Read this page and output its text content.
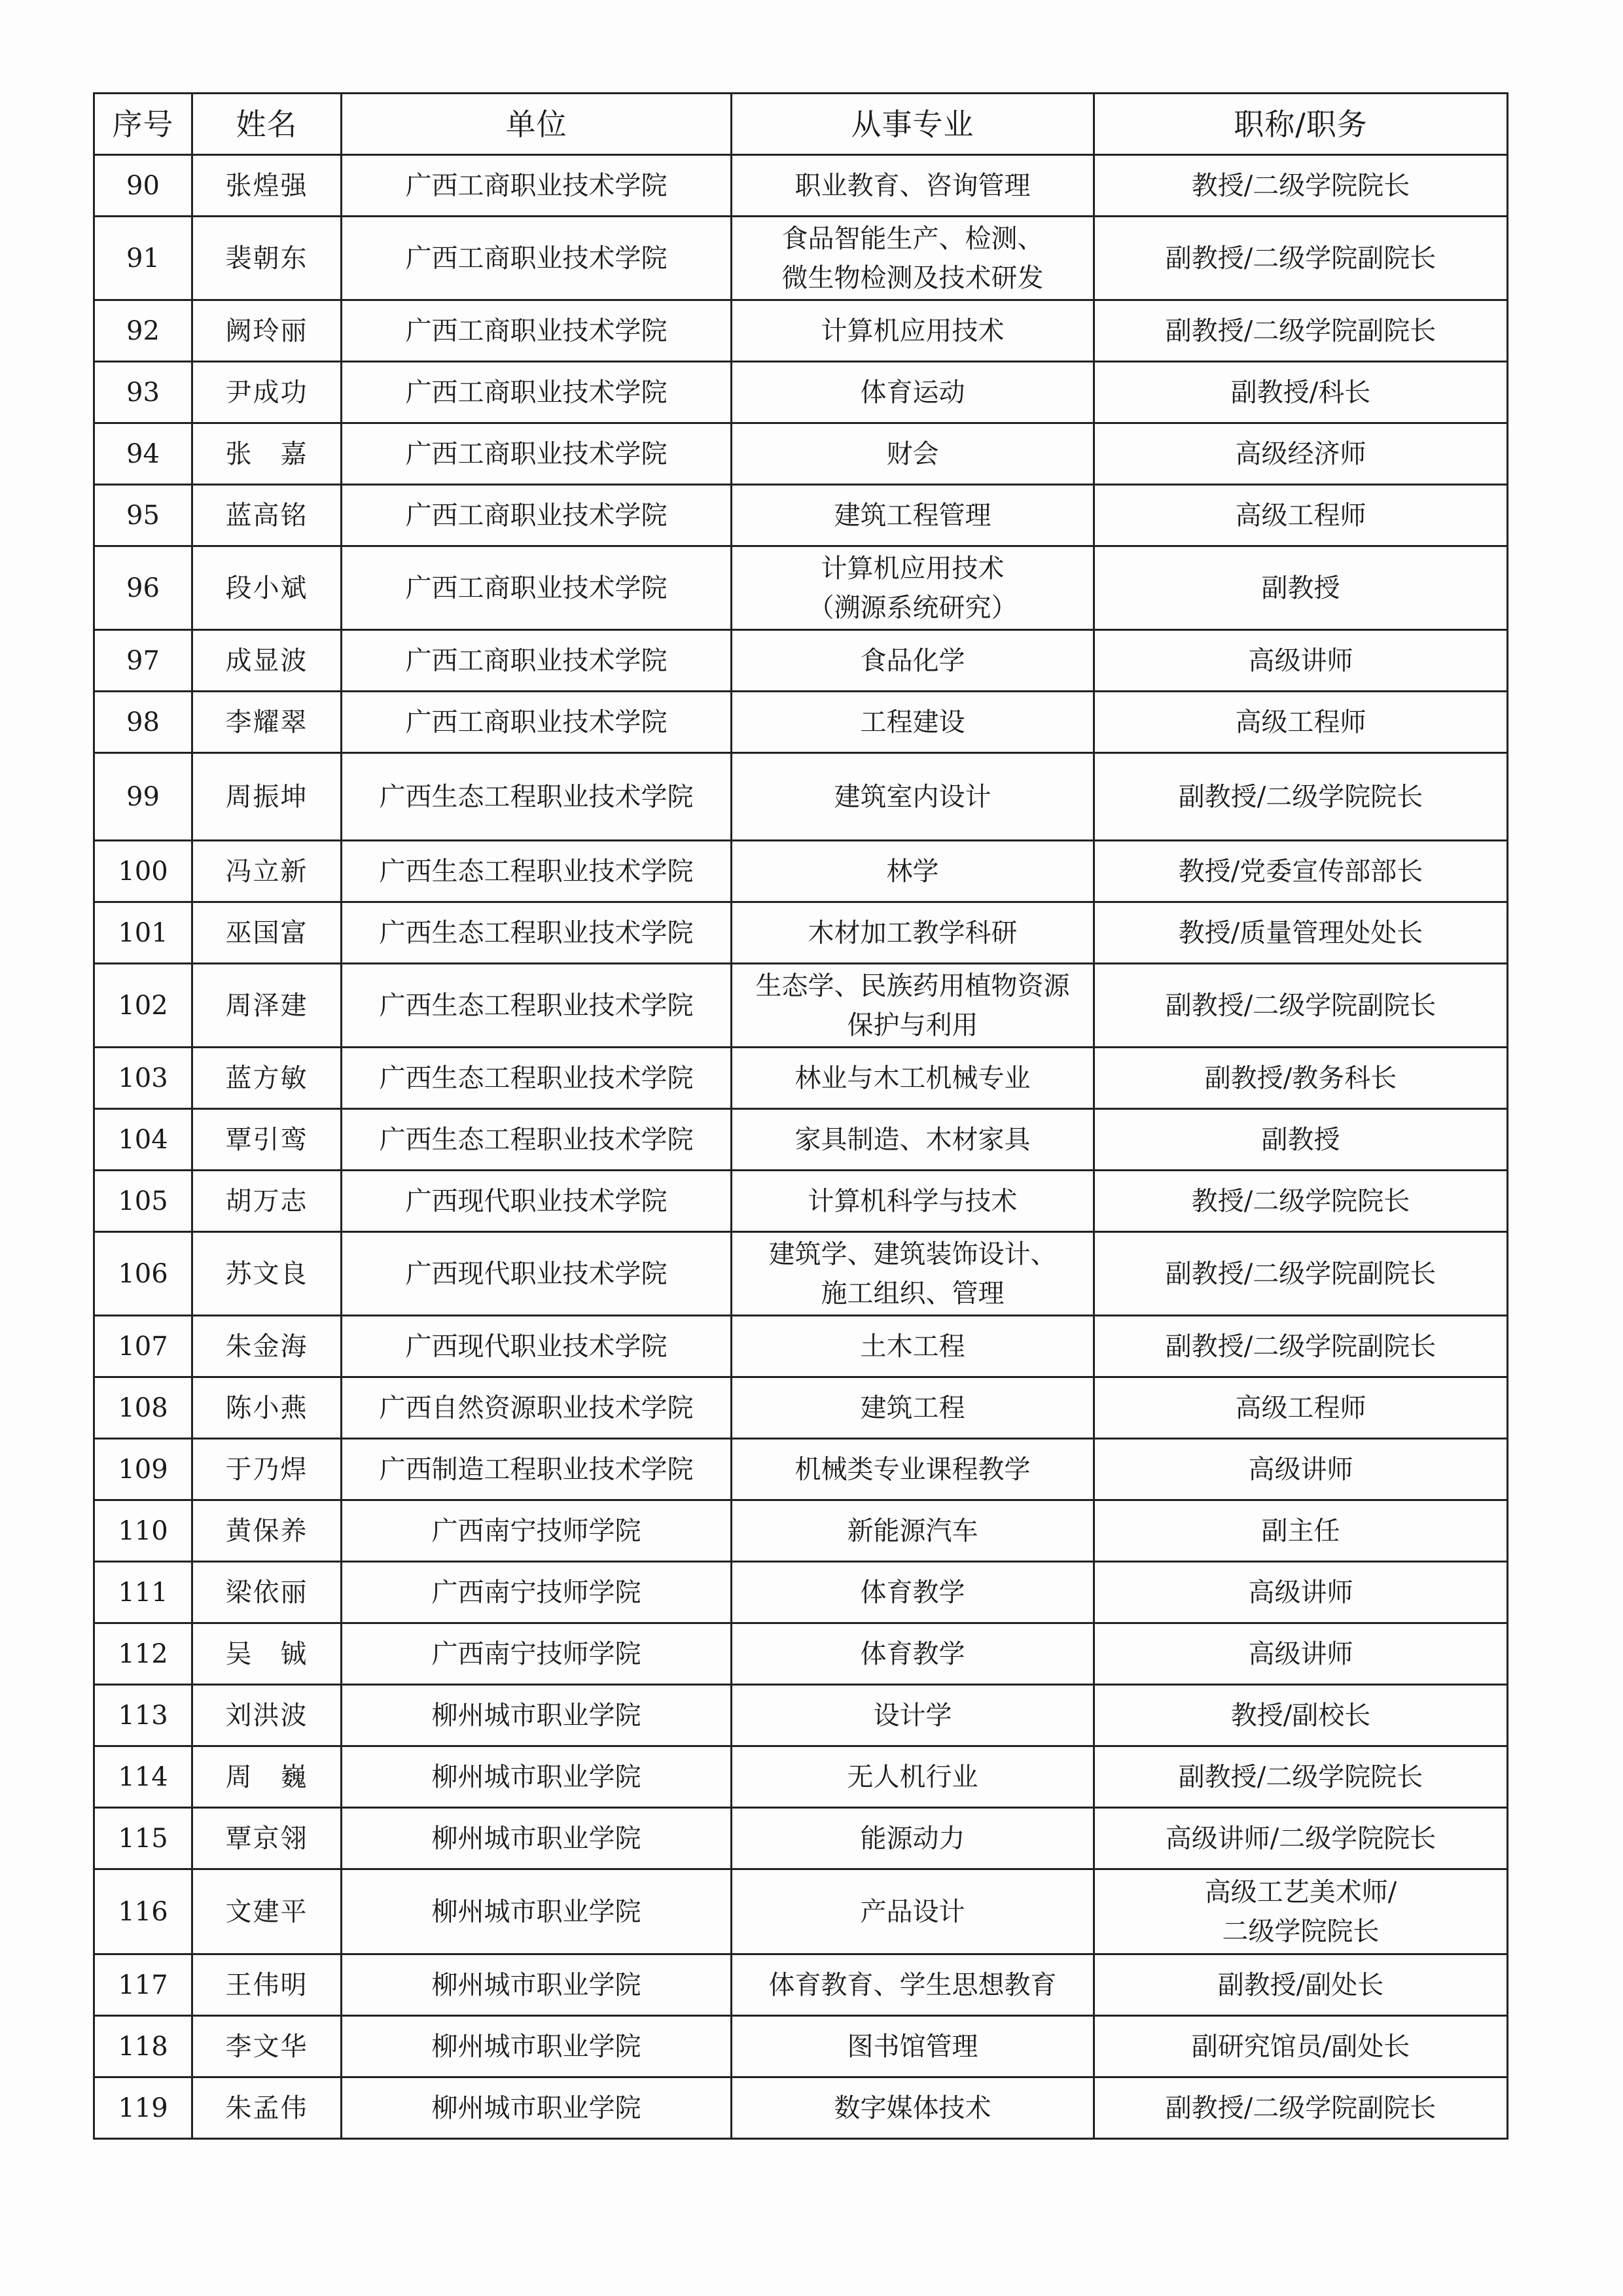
序号	姓名	单位	从事专业	职称/职务
90	张煌强	广西工商职业技术学院	职业教育、咨询管理	教授/二级学院院长

91	裴朝东	广西工商职业技术学院	食品智能生产、检测、
微生物检测及技术研发	副教授/二级学院副院长

92	阙玲丽	广西工商职业技术学院	计算机应用技术	副教授/二级学院副院长

93	尹成功	广西工商职业技术学院	体育运动	副教授/科长

94	张　嘉	广西工商职业技术学院	财会	高级经济师

95	蓝高铭	广西工商职业技术学院	建筑工程管理	高级工程师

96	段小斌	广西工商职业技术学院	计算机应用技术
（溯源系统研究）	副教授

97	成显波	广西工商职业技术学院	食品化学	高级讲师

98	李耀翠	广西工商职业技术学院	工程建设	高级工程师

99	周振坤	广西生态工程职业技术学院	建筑室内设计	副教授/二级学院院长

100	冯立新	广西生态工程职业技术学院	林学	教授/党委宣传部部长

101	巫国富	广西生态工程职业技术学院	木材加工教学科研	教授/质量管理处处长

102	周泽建	广西生态工程职业技术学院	生态学、民族药用植物资源
保护与利用	副教授/二级学院副院长

103	蓝方敏	广西生态工程职业技术学院	林业与木工机械专业	副教授/教务科长

104	覃引鸾	广西生态工程职业技术学院	家具制造、木材家具	副教授

105	胡万志	广西现代职业技术学院	计算机科学与技术	教授/二级学院院长

106	苏文良	广西现代职业技术学院	建筑学、建筑装饰设计、
施工组织、管理	副教授/二级学院副院长

107	朱金海	广西现代职业技术学院	土木工程	副教授/二级学院副院长

108	陈小燕	广西自然资源职业技术学院	建筑工程	高级工程师

109	于乃焊	广西制造工程职业技术学院	机械类专业课程教学	高级讲师

110	黄保养	广西南宁技师学院	新能源汽车	副主任

111	梁依丽	广西南宁技师学院	体育教学	高级讲师

112	吴　铖	广西南宁技师学院	体育教学	高级讲师

113	刘洪波	柳州城市职业学院	设计学	教授/副校长

114	周　巍	柳州城市职业学院	无人机行业	副教授/二级学院院长

115	覃京翎	柳州城市职业学院	能源动力	高级讲师/二级学院院长

116	文建平	柳州城市职业学院	产品设计	高级工艺美术师/
二级学院院长

117	王伟明	柳州城市职业学院	体育教育、学生思想教育	副教授/副处长

118	李文华	柳州城市职业学院	图书馆管理	副研究馆员/副处长

119	朱孟伟	柳州城市职业学院	数字媒体技术	副教授/二级学院副院长
